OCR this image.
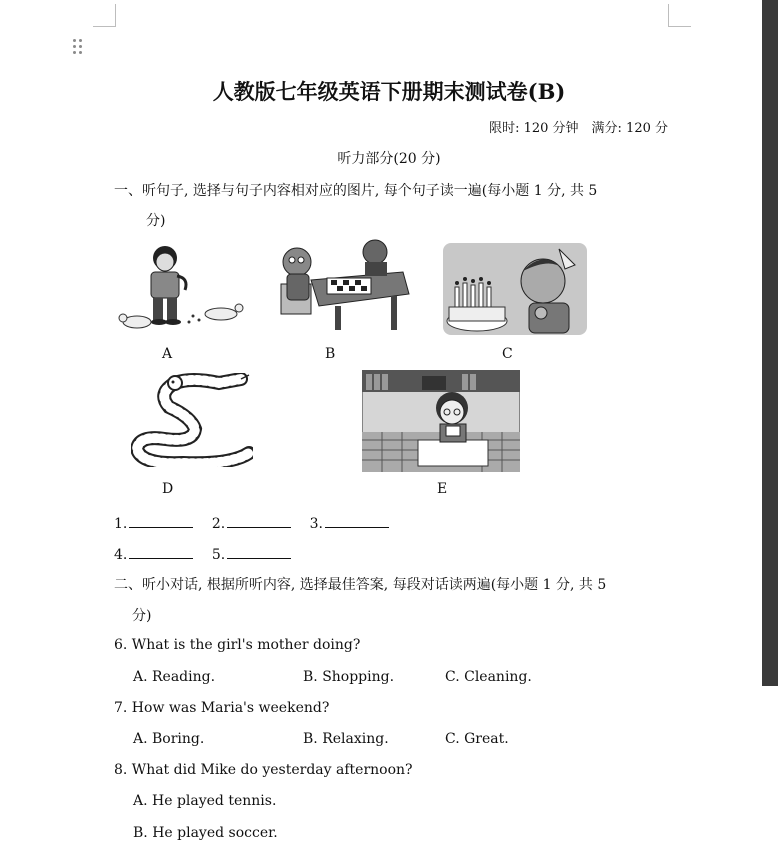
人教版七年级英语下册期末测试卷(B)
限时: 120 分钟　满分: 120 分
听力部分(20 分)
一、听句子, 选择与句子内容相对应的图片, 每个句子读一遍(每小题 1 分, 共 5
分)
A	B	C
D	E
1.	2.	3.
4.	5.
二、听小对话, 根据所听内容, 选择最佳答案, 每段对话读两遍(每小题 1 分, 共 5
分)
6. What is the girl's mother doing?
A. Reading.	B. Shopping.	C. Cleaning.
7. How was Maria's weekend?
A. Boring.	B. Relaxing.	C. Great.
8. What did Mike do yesterday afternoon?
A. He played tennis.
B. He played soccer.
